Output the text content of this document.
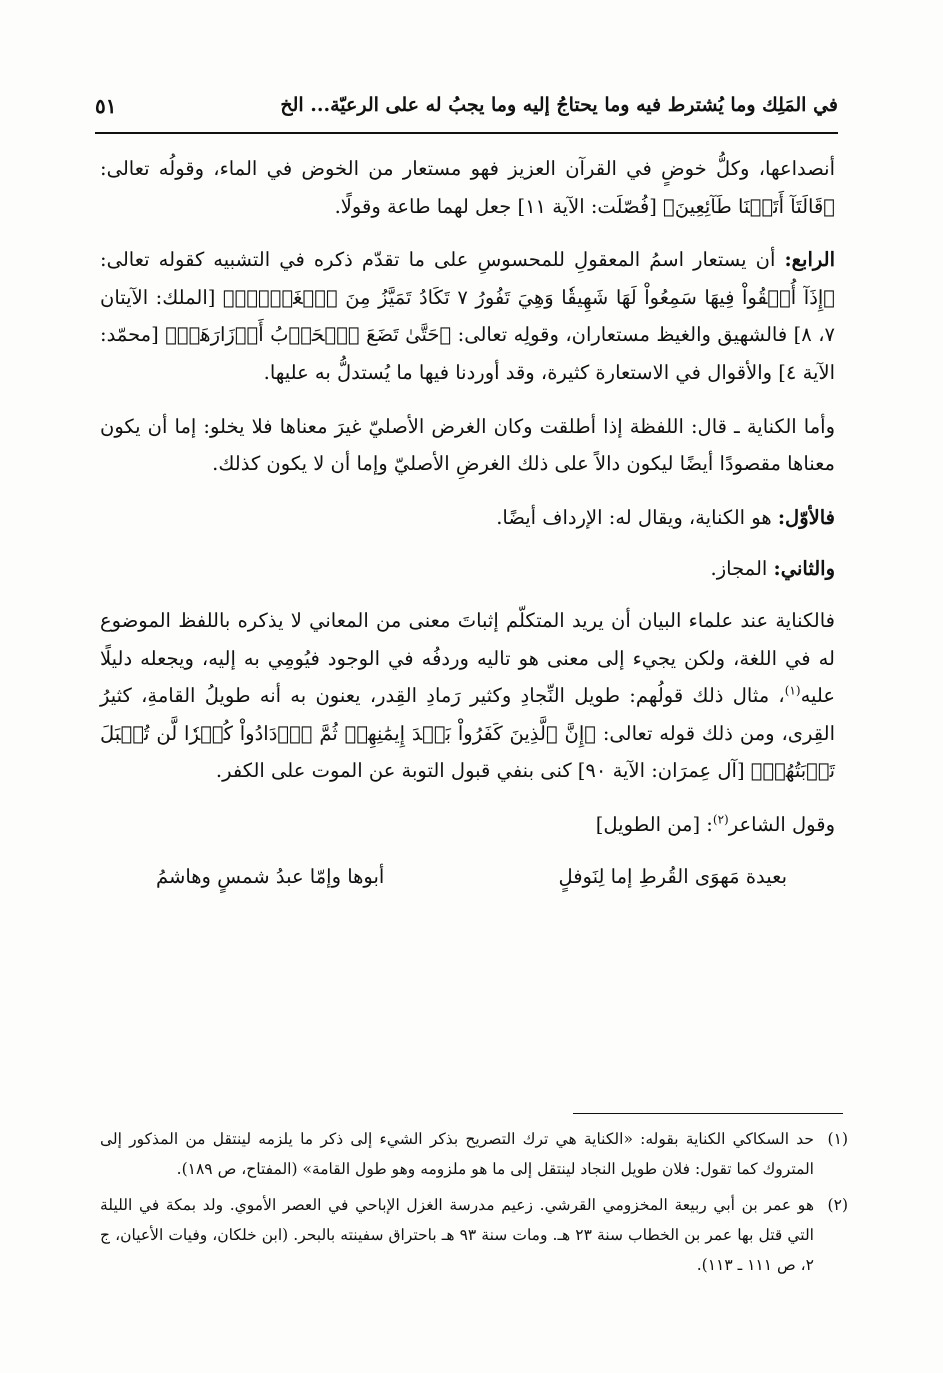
في المَلِك وما يُشترط فيه وما يحتاجُ إليه وما يجبُ له على الرعيّة... الخ
٥١

أنصداعها، وكلُّ خوضٍ في القرآن العزيز فهو مستعار من الخوض في الماء، وقولُه تعالى: ﴿قَالَتَآ أَتَيۡنَا طَآئِعِينَ﴾ [فُصّلَت: الآية ١١] جعل لهما طاعة وقولًا.

الرابع: أن يستعار اسمُ المعقولِ للمحسوسِ على ما تقدّم ذكره في التشبيه كقوله تعالى: ﴿إِذَآ أُلۡقُواْ فِيهَا سَمِعُواْ لَهَا شَهِيقٗا وَهِيَ تَفُورُ ٧ تَكَادُ تَمَيَّزُ مِنَ ٱلۡغَيۡظِۖ﴾ [الملك: الآيتان ٧، ٨] فالشهيق والغيظ مستعاران، وقولِه تعالى: ﴿حَتَّىٰ تَضَعَ ٱلۡحَرۡبُ أَوۡزَارَهَاۚ﴾ [محمّد: الآية ٤] والأقوال في الاستعارة كثيرة، وقد أوردنا فيها ما يُستدلُّ به عليها.

وأما الكناية ـ قال: اللفظة إذا أطلقت وكان الغرض الأصليّ غيرَ معناها فلا يخلو: إما أن يكون معناها مقصودًا أيضًا ليكون دالاً على ذلك الغرضِ الأصليّ وإما أن لا يكون كذلك.

فالأوّل: هو الكناية، ويقال له: الإرداف أيضًا.

والثاني: المجاز.

فالكناية عند علماء البيان أن يريد المتكلّم إثباتَ معنى من المعاني لا يذكره باللفظ الموضوع له في اللغة، ولكن يجيء إلى معنى هو تاليه وردفُه في الوجود فيُومِي به إليه، ويجعله دليلًا عليه$^{(١)}$، مثال ذلك قولُهم: طويل النِّجادِ وكثير رَمادِ القِدر، يعنون به أنه طويلُ القامةِ، كثيرُ القِرى، ومن ذلك قوله تعالى: ﴿إِنَّ ٱلَّذِينَ كَفَرُواْ بَعۡدَ إِيمَٰنِهِمۡ ثُمَّ ٱزۡدَادُواْ كُفۡرٗا لَّن تُقۡبَلَ تَوۡبَتُهُمۡ﴾ [آل عِمرَان: الآية ٩٠] كنى بنفي قبول التوبة عن الموت على الكفر.

وقول الشاعر$^{(٢)}$: [من الطويل]

بعيدة مَهوَى القُرطِ إما لِنَوفلٍ
أبوها وإمّا عبدُ شمسٍ وهاشمُ
(١)
حد السكاكي الكناية بقوله: «الكناية هي ترك التصريح بذكر الشيء إلى ذكر ما يلزمه لينتقل من المذكور إلى المتروك كما تقول: فلان طويل النجاد لينتقل إلى ما هو ملزومه وهو طول القامة» (المفتاح، ص ١٨٩).
(٢)
هو عمر بن أبي ربيعة المخزومي القرشي. زعيم مدرسة الغزل الإباحي في العصر الأموي. ولد بمكة في الليلة التي قتل بها عمر بن الخطاب سنة ٢٣ هـ. ومات سنة ٩٣ هـ باحتراق سفينته بالبحر. (ابن خلكان، وفيات الأعيان، ج ٢، ص ١١١ ـ ١١٣).
